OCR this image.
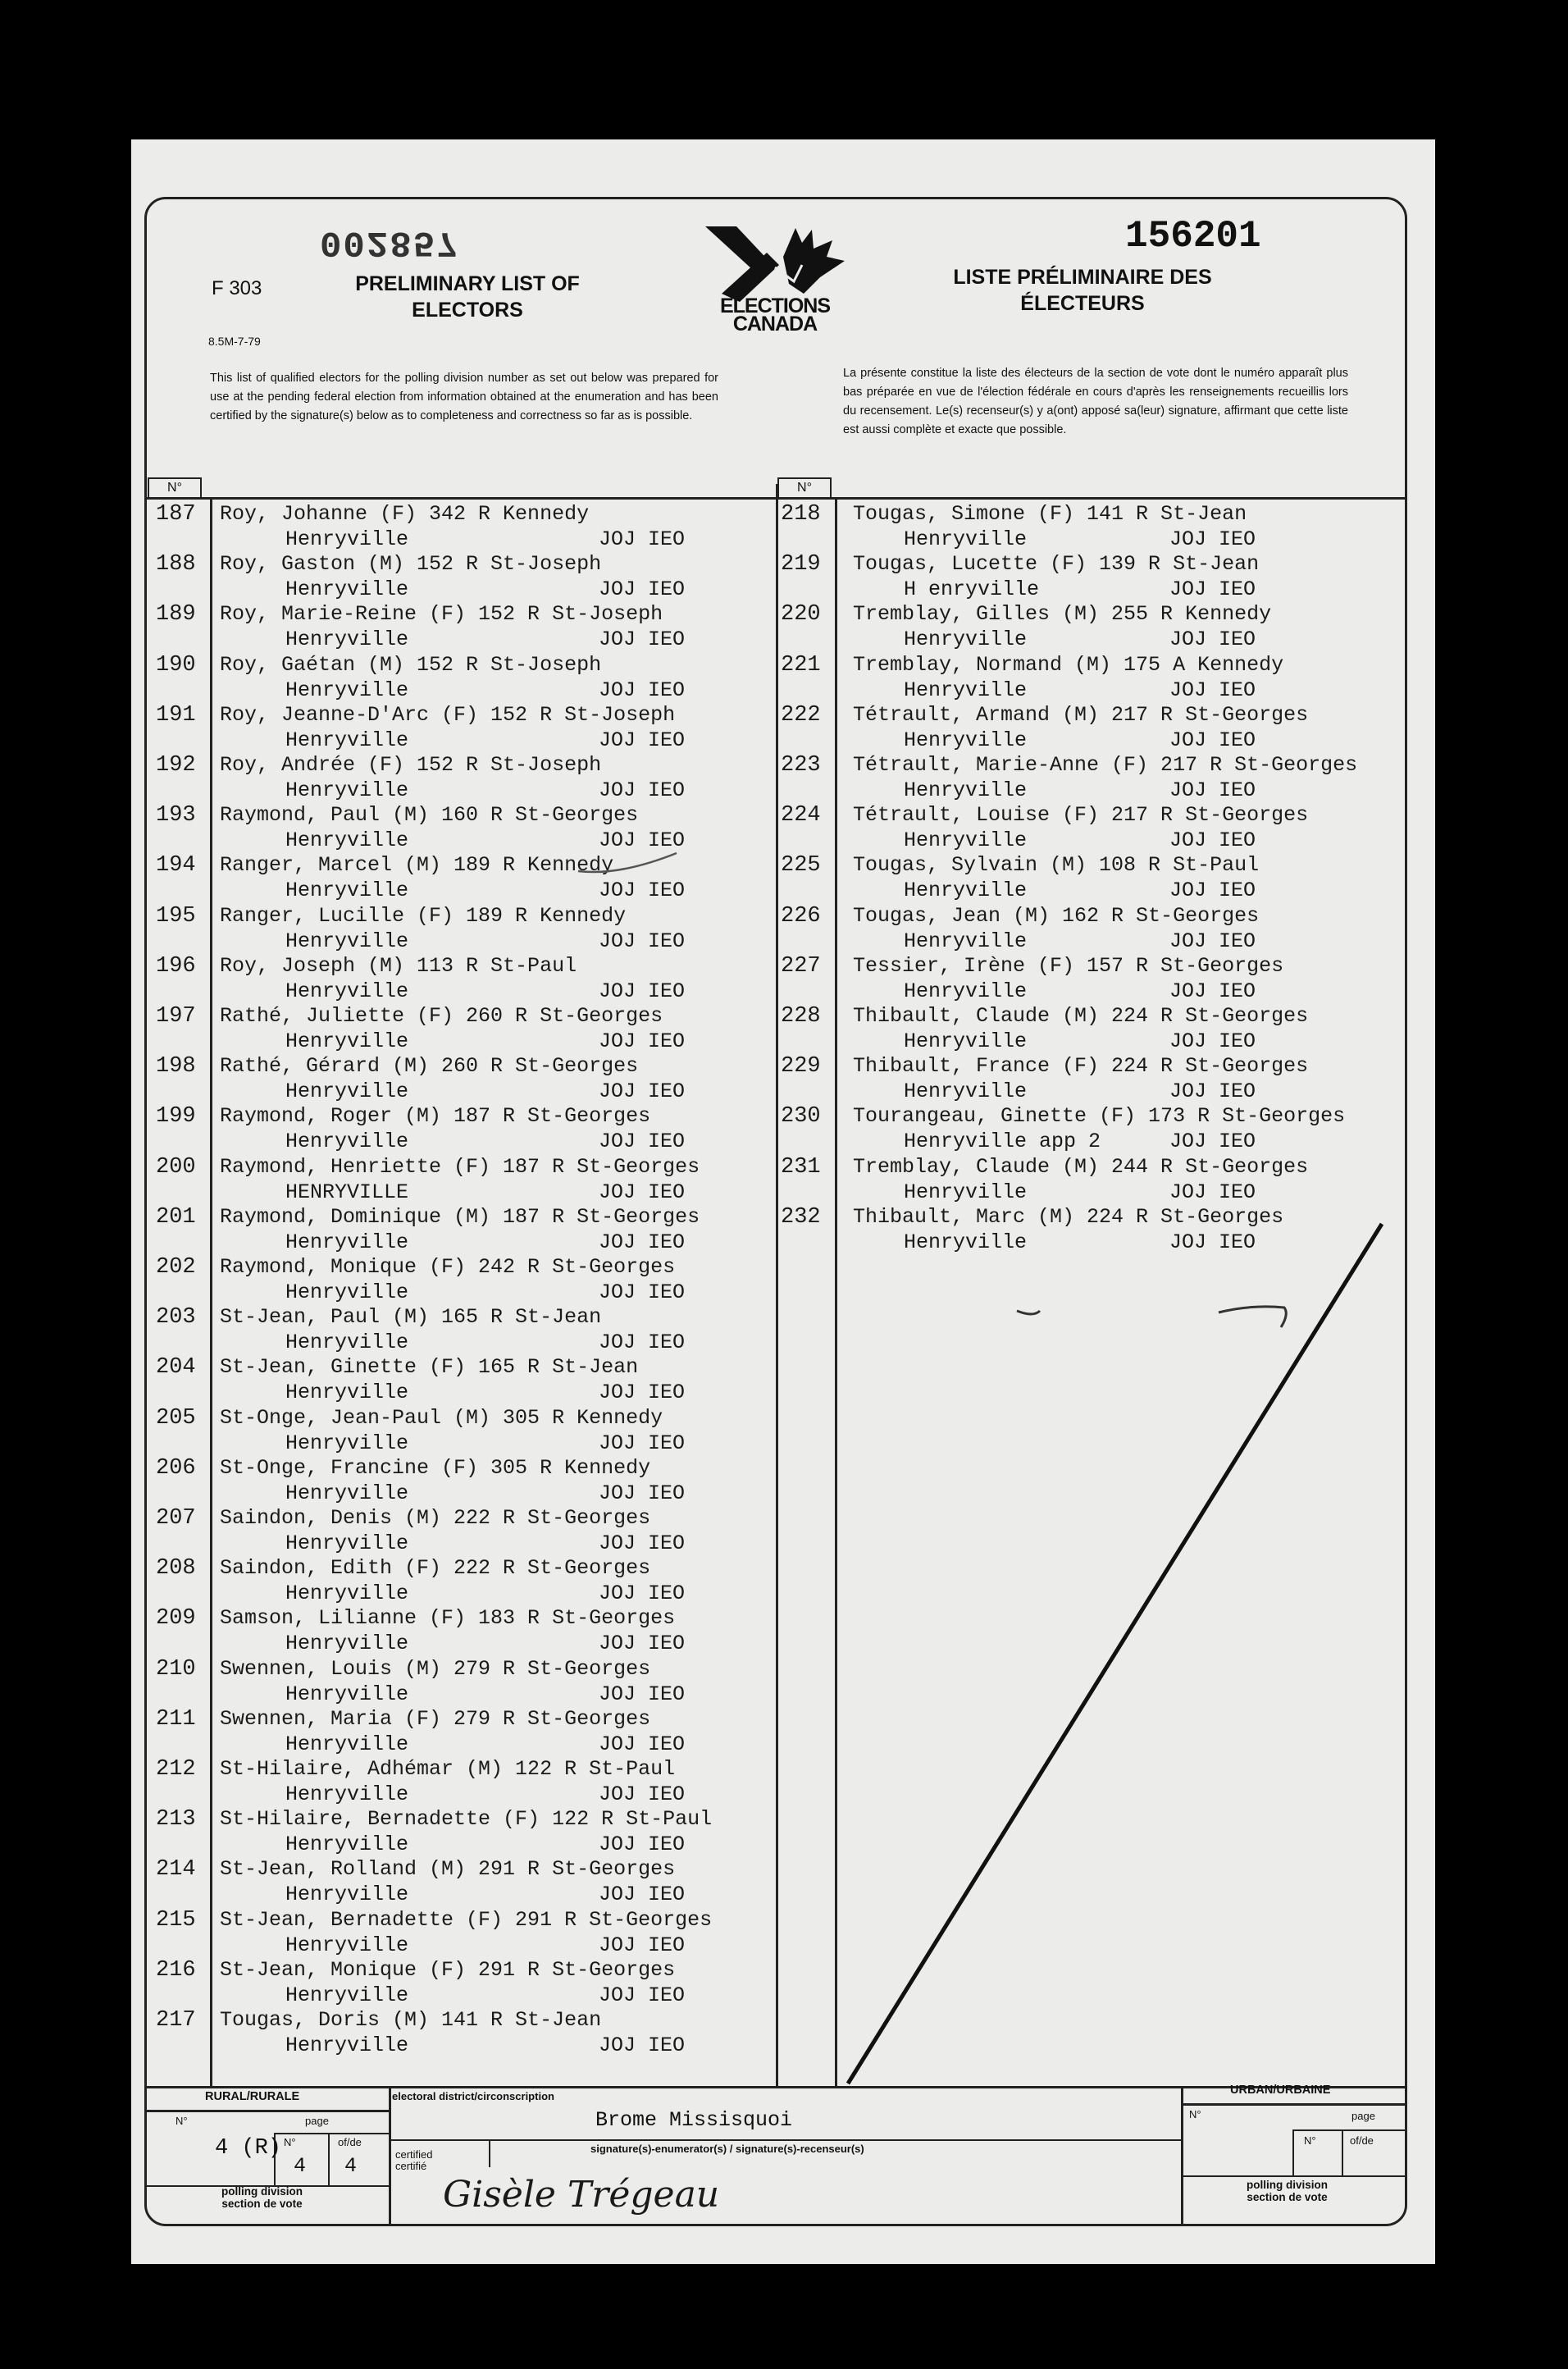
F 303
8.5M-7-79
002857	156201
PRELIMINARY LIST OF
ELECTORS
LISTE PRÉLIMINAIRE DES
ÉLECTEURS
ELECTIONS
CANADA
This list of qualified electors for the polling division number as set out below was prepared for use at the pending federal election from information obtained at the enumeration and has been certified by the signature(s) below as to completeness and correctness so far as is possible.
La présente constitue la liste des électeurs de la section de vote dont le numéro apparaît plus bas préparée en vue de l'élection fédérale en cours d'après les renseignements recueillis lors du recensement. Le(s) recenseur(s) y a(ont) apposé sa(leur) signature, affirmant que cette liste est aussi complète et exacte que possible.
N°	N°
187 Roy, Johanne (F) 342 R Kennedy
Henryville	JOJ IEO
188 Roy, Gaston (M) 152 R St-Joseph
Henryville	JOJ IEO
189 Roy, Marie-Reine (F) 152 R St-Joseph
Henryville	JOJ IEO
190 Roy, Gaétan (M) 152 R St-Joseph
Henryville	JOJ IEO
191 Roy, Jeanne-D'Arc (F) 152 R St-Joseph
Henryville	JOJ IEO
192 Roy, Andrée (F) 152 R St-Joseph
Henryville	JOJ IEO
193 Raymond, Paul (M) 160 R St-Georges
Henryville	JOJ IEO
194 Ranger, Marcel (M) 189 R Kennedy
Henryville	JOJ IEO
195 Ranger, Lucille (F) 189 R Kennedy
Henryville	JOJ IEO
196 Roy, Joseph (M) 113 R St-Paul
Henryville	JOJ IEO
197 Rathé, Juliette (F) 260 R St-Georges
Henryville	JOJ IEO
198 Rathé, Gérard (M) 260 R St-Georges
Henryville	JOJ IEO
199 Raymond, Roger (M) 187 R St-Georges
Henryville	JOJ IEO
200 Raymond, Henriette (F) 187 R St-Georges
HENRYVILLE	JOJ IEO
201 Raymond, Dominique (M) 187 R St-Georges
Henryville	JOJ IEO
202 Raymond, Monique (F) 242 R St-Georges
Henryville	JOJ IEO
203 St-Jean, Paul (M) 165 R St-Jean
Henryville	JOJ IEO
204 St-Jean, Ginette (F) 165 R St-Jean
Henryville	JOJ IEO
205 St-Onge, Jean-Paul (M) 305 R Kennedy
Henryville	JOJ IEO
206 St-Onge, Francine (F) 305 R Kennedy
Henryville	JOJ IEO
207 Saindon, Denis (M) 222 R St-Georges
Henryville	JOJ IEO
208 Saindon, Edith (F) 222 R St-Georges
Henryville	JOJ IEO
209 Samson, Lilianne (F) 183 R St-Georges
Henryville	JOJ IEO
210 Swennen, Louis (M) 279 R St-Georges
Henryville	JOJ IEO
211 Swennen, Maria (F) 279 R St-Georges
Henryville	JOJ IEO
212 St-Hilaire, Adhémar (M) 122 R St-Paul
Henryville	JOJ IEO
213 St-Hilaire, Bernadette (F) 122 R St-Paul
Henryville	JOJ IEO
214 St-Jean, Rolland (M) 291 R St-Georges
Henryville	JOJ IEO
215 St-Jean, Bernadette (F) 291 R St-Georges
Henryville	JOJ IEO
216 St-Jean, Monique (F) 291 R St-Georges
Henryville	JOJ IEO
217 Tougas, Doris (M) 141 R St-Jean
Henryville	JOJ IEO
218 Tougas, Simone (F) 141 R St-Jean
Henryville	JOJ IEO
219 Tougas, Lucette (F) 139 R St-Jean
H enryville	JOJ IEO
220 Tremblay, Gilles (M) 255 R Kennedy
Henryville	JOJ IEO
221 Tremblay, Normand (M) 175 A Kennedy
Henryville	JOJ IEO
222 Tétrault, Armand (M) 217 R St-Georges
Henryville	JOJ IEO
223 Tétrault, Marie-Anne (F) 217 R St-Georges
Henryville	JOJ IEO
224 Tétrault, Louise (F) 217 R St-Georges
Henryville	JOJ IEO
225 Tougas, Sylvain (M) 108 R St-Paul
Henryville	JOJ IEO
226 Tougas, Jean (M) 162 R St-Georges
Henryville	JOJ IEO
227 Tessier, Irène (F) 157 R St-Georges
Henryville	JOJ IEO
228 Thibault, Claude (M) 224 R St-Georges
Henryville	JOJ IEO
229 Thibault, France (F) 224 R St-Georges
Henryville	JOJ IEO
230 Tourangeau, Ginette (F) 173 R St-Georges
Henryville app 2	JOJ IEO
231 Tremblay, Claude (M) 244 R St-Georges
Henryville	JOJ IEO
232 Thibault, Marc (M) 224 R St-Georges
Henryville	JOJ IEO
RURAL/RURALE
N°	page
4 (R) N°	of/de
4 4
polling division
section de vote
electoral district/circonscription
Brome Missisquoi
certified
certifié
signature(s)-enumerator(s) / signature(s)-recenseur(s)
Gisèle Trégeau
URBAN/URBAINE
N°	page
N°	of/de
polling division
section de vote
